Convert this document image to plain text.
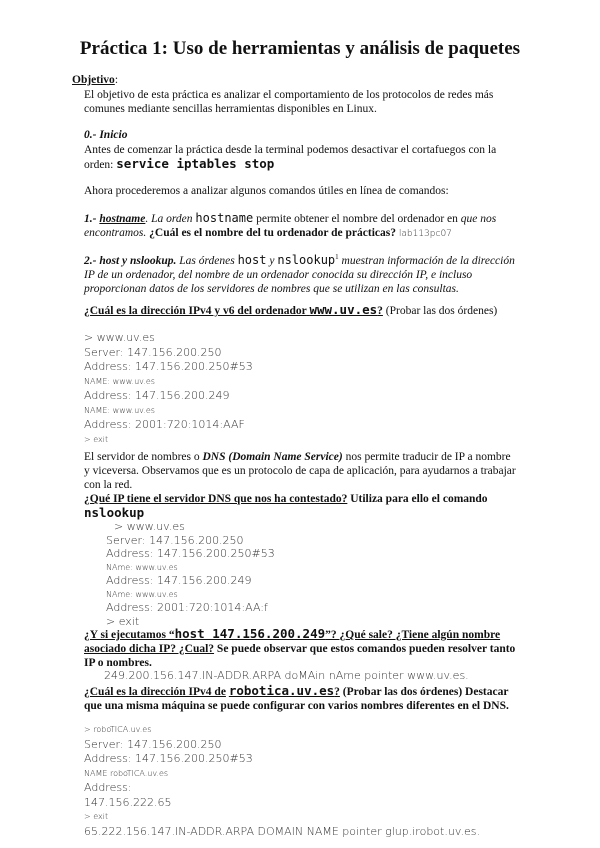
Práctica 1: Uso de herramientas y análisis de paquetes

Objetivo:

El objetivo de esta práctica es analizar el comportamiento de los protocolos de redes más comunes mediante sencillas herramientas disponibles en Linux.

0.- Inicio

Antes de comenzar la práctica desde la terminal podemos desactivar el cortafuegos con la orden: service iptables stop

Ahora procederemos a analizar algunos comandos útiles en línea de comandos:

1.- hostname. La orden hostname permite obtener el nombre del ordenador en que nos encontramos. ¿Cuál es el nombre del tu ordenador de prácticas? lab113pc07

2.- host y nslookup. Las órdenes host y nslookup$^1$ muestran información de la dirección IP de un ordenador, del nombre de un ordenador conocida su dirección IP, e incluso proporcionan datos de los servidores de nombres que se utilizan en las consultas.

¿Cuál es la dirección IPv4 y v6 del ordenador www.uv.es? (Probar las dos órdenes)

> www.uv.es
Server: 147.156.200.250
Address: 147.156.200.250#53
NAME: www.uv.es
Address: 147.156.200.249
NAME: www.uv.es
Address: 2001:720:1014:AAF
> exit

El servidor de nombres o DNS (Domain Name Service) nos permite traducir de IP a nombre y viceversa. Observamos que es un protocolo de capa de aplicación, para ayudarnos a trabajar con la red.

¿Qué IP tiene el servidor DNS que nos ha contestado? Utiliza para ello el comando
nslookup

> www.uv.es
Server: 147.156.200.250
Address: 147.156.200.250#53
NAme: www.uv.es
Address: 147.156.200.249
NAme: www.uv.es
Address: 2001:720:1014:AA:f
> exit

¿Y si ejecutamos “host 147.156.200.249”? ¿Qué sale? ¿Tiene algún nombre asociado dicha IP? ¿Cual? Se puede observar que estos comandos pueden resolver tanto IP o nombres.

249.200.156.147.IN-ADDR.ARPA doMAin nAme pointer www.uv.es.

¿Cuál es la dirección IPv4 de robotica.uv.es? (Probar las dos órdenes) Destacar que una misma máquina se puede configurar con varios nombres diferentes en el DNS.

> roboTICA.uv.es
Server: 147.156.200.250
Address: 147.156.200.250#53
NAME roboTICA.uv.es
Address:
147.156.222.65
> exit
65.222.156.147.IN-ADDR.ARPA DOMAIN NAME pointer glup.irobot.uv.es.
